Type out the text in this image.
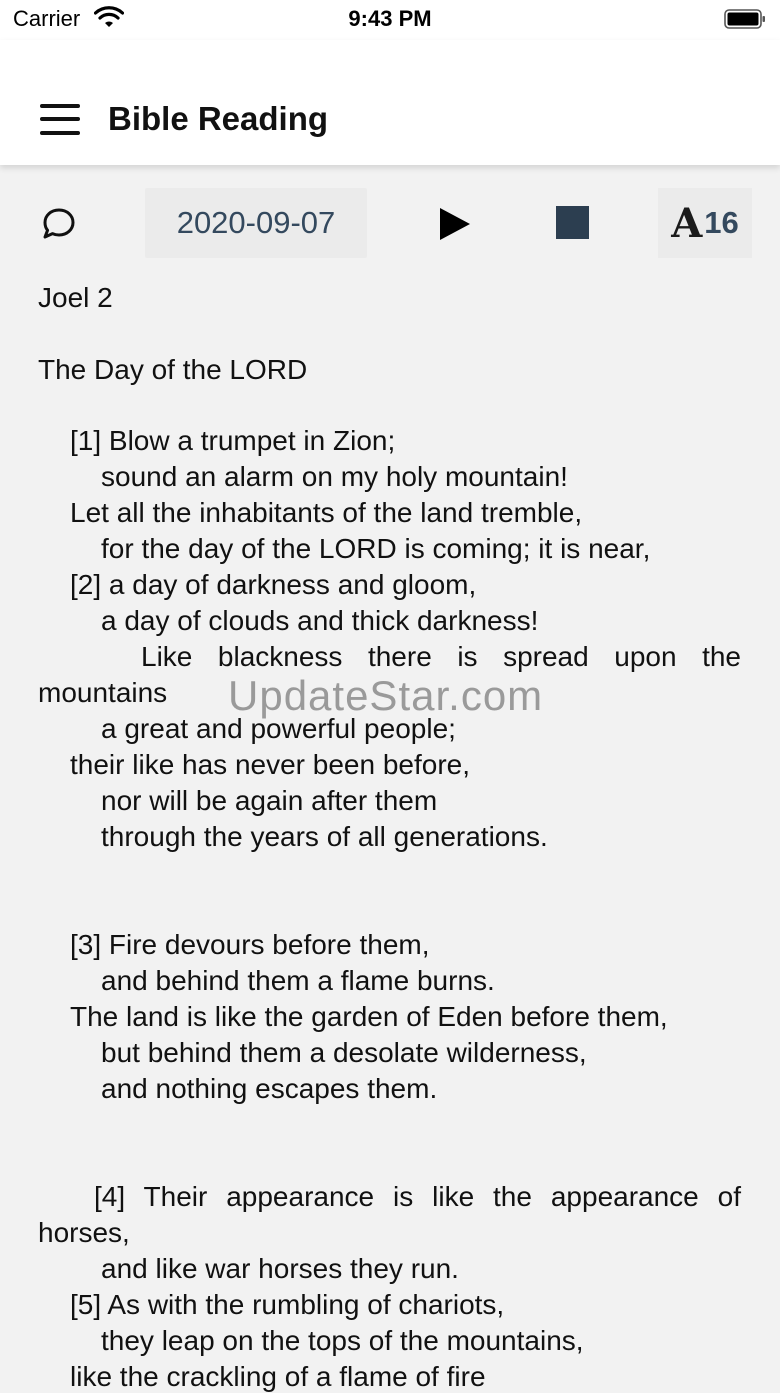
Carrier	9:43 PM
Bible Reading
2020-09-07	A 16
Joel 2
The Day of the LORD
[1] Blow a trumpet in Zion;
sound an alarm on my holy mountain!
Let all the inhabitants of the land tremble,
for the day of the LORD is coming; it is near,
[2] a day of darkness and gloom,
a day of clouds and thick darkness!
Like blackness there is spread upon the
mountains
a great and powerful people;
their like has never been before,
nor will be again after them
through the years of all generations.
[3] Fire devours before them,
and behind them a flame burns.
The land is like the garden of Eden before them,
but behind them a desolate wilderness,
and nothing escapes them.
[4] Their appearance is like the appearance of
horses,
and like war horses they run.
[5] As with the rumbling of chariots,
they leap on the tops of the mountains,
like the crackling of a flame of fire
UpdateStar.com
